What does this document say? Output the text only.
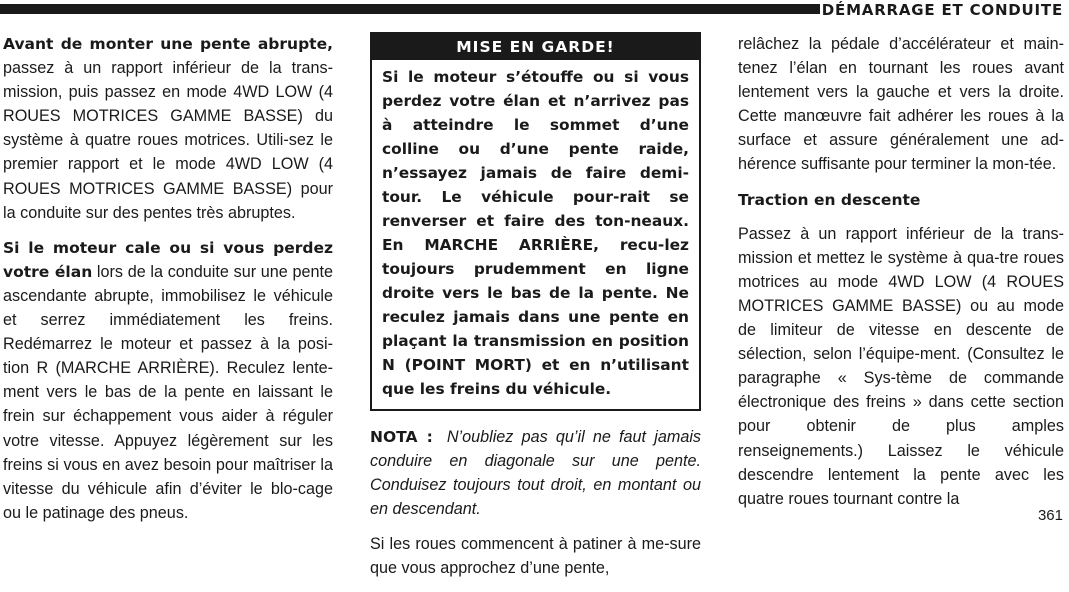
DÉMARRAGE ET CONDUITE

Avant de monter une pente abrupte, passez à un rapport inférieur de la trans-mission, puis passez en mode 4WD LOW (4 ROUES MOTRICES GAMME BASSE) du système à quatre roues motrices. Utili-sez le premier rapport et le mode 4WD LOW (4 ROUES MOTRICES GAMME BASSE) pour la conduite sur des pentes très abruptes.

Si le moteur cale ou si vous perdez votre élan lors de la conduite sur une pente ascendante abrupte, immobilisez le véhicule et serrez immédiatement les freins. Redémarrez le moteur et passez à la posi-tion R (MARCHE ARRIÈRE). Reculez lente-ment vers le bas de la pente en laissant le frein sur échappement vous aider à réguler votre vitesse. Appuyez légèrement sur les freins si vous en avez besoin pour maîtriser la vitesse du véhicule afin d’éviter le blo-cage ou le patinage des pneus.

MISE EN GARDE!
Si le moteur s’étouffe ou si vous perdez votre élan et n’arrivez pas à atteindre le sommet d’une colline ou d’une pente raide, n’essayez jamais de faire demi-tour. Le véhicule pour-rait se renverser et faire des ton-neaux. En MARCHE ARRIÈRE, recu-lez toujours prudemment en ligne droite vers le bas de la pente. Ne reculez jamais dans une pente en plaçant la transmission en position N (POINT MORT) et en n’utilisant que les freins du véhicule.

NOTA : N’oubliez pas qu’il ne faut jamais conduire en diagonale sur une pente. Conduisez toujours tout droit, en montant ou en descendant.

Si les roues commencent à patiner à me-sure que vous approchez d’une pente,

relâchez la pédale d’accélérateur et main-tenez l’élan en tournant les roues avant lentement vers la gauche et vers la droite. Cette manœuvre fait adhérer les roues à la surface et assure généralement une ad-hérence suffisante pour terminer la mon-tée.

Traction en descente

Passez à un rapport inférieur de la trans-mission et mettez le système à qua-tre roues motrices au mode 4WD LOW (4 ROUES MOTRICES GAMME BASSE) ou au mode de limiteur de vitesse en descente de sélection, selon l’équipe-ment. (Consultez le paragraphe « Sys-tème de commande électronique des freins » dans cette section pour obtenir de plus amples renseignements.) Laissez le véhicule descendre lentement la pente avec les quatre roues tournant contre la

361
